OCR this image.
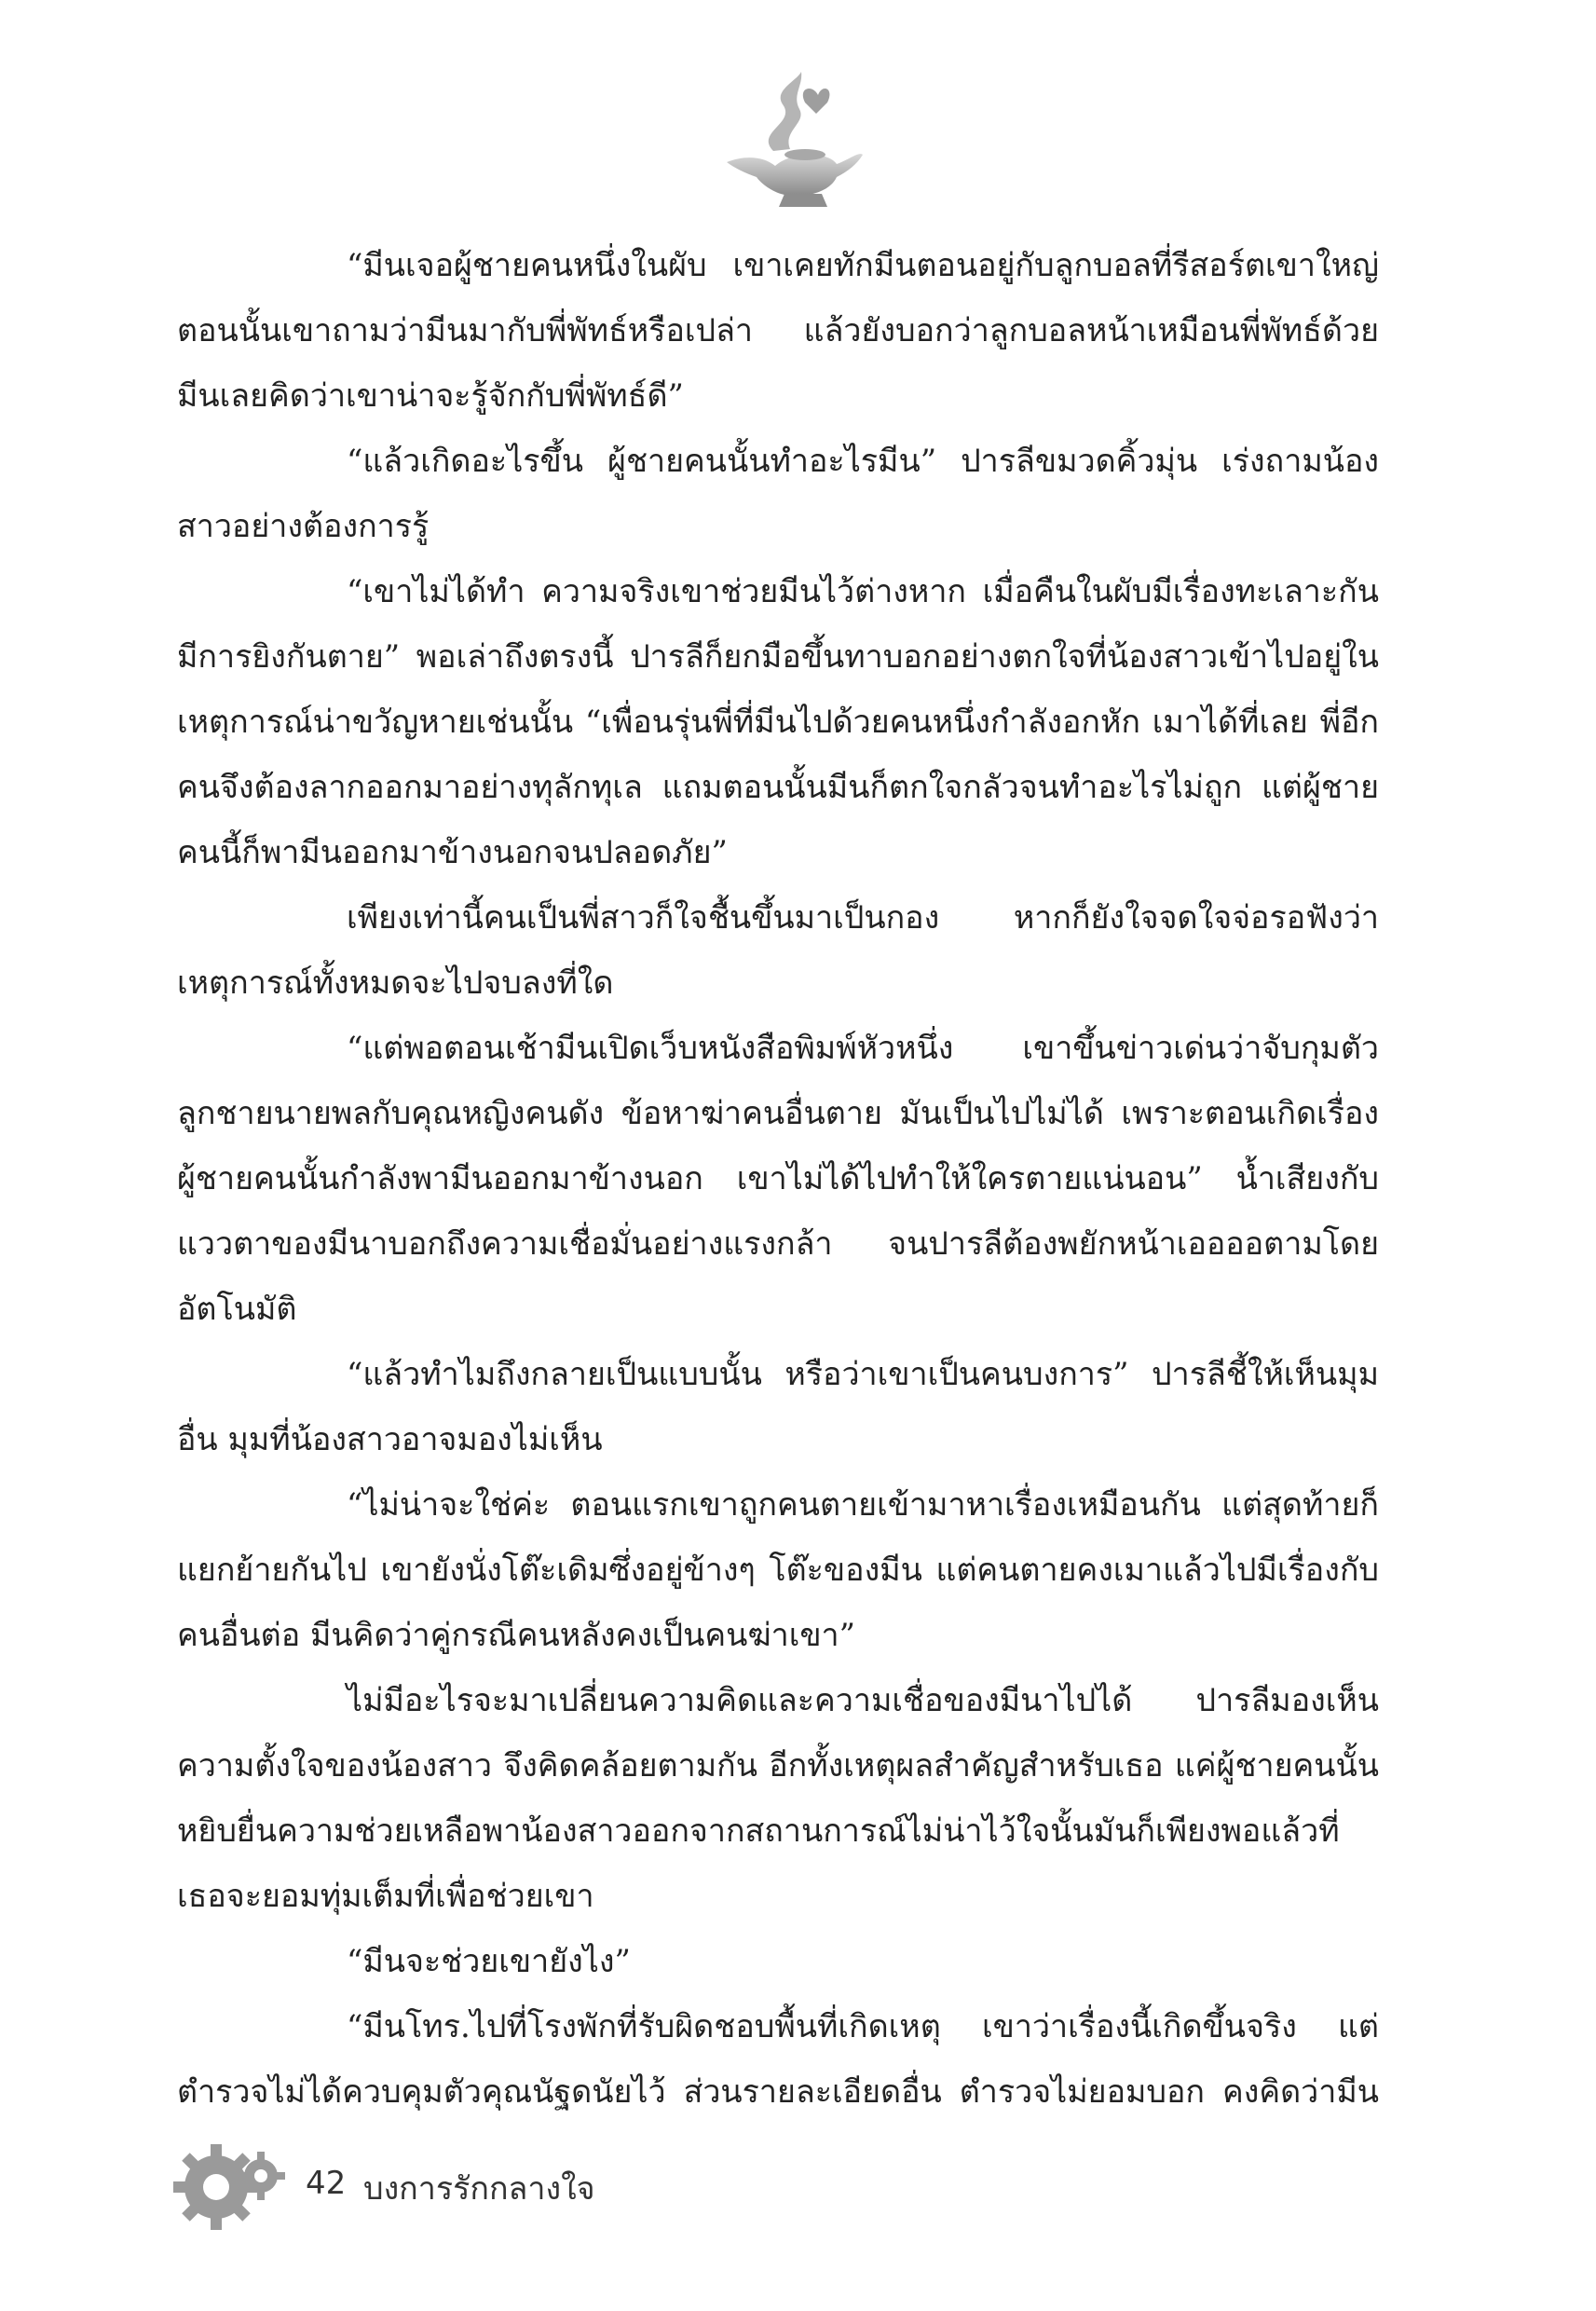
“มีนเจอผู้ชายคนหนึ่งในผับ เขาเคยทักมีนตอนอยู่กับลูกบอลที่รีสอร์ตเขาใหญ่ ตอนนั้นเขาถามว่ามีนมากับพี่พัทธ์หรือเปล่า แล้วยังบอกว่าลูกบอลหน้าเหมือนพี่พัทธ์ด้วย มีนเลยคิดว่าเขาน่าจะรู้จักกับพี่พัทธ์ดี”

“แล้วเกิดอะไรขึ้น ผู้ชายคนนั้นทำอะไรมีน” ปารลีขมวดคิ้วมุ่น เร่งถามน้องสาวอย่างต้องการรู้

“เขาไม่ได้ทำ ความจริงเขาช่วยมีนไว้ต่างหาก เมื่อคืนในผับมีเรื่องทะเลาะกัน มีการยิงกันตาย” พอเล่าถึงตรงนี้ ปารลีก็ยกมือขึ้นทาบอกอย่างตกใจที่น้องสาวเข้าไปอยู่ในเหตุการณ์น่าขวัญหายเช่นนั้น “เพื่อนรุ่นพี่ที่มีนไปด้วยคนหนึ่งกำลังอกหัก เมาได้ที่เลย พี่อีกคนจึงต้องลากออกมาอย่างทุลักทุเล แถมตอนนั้นมีนก็ตกใจกลัวจนทำอะไรไม่ถูก แต่ผู้ชายคนนี้ก็พามีนออกมาข้างนอกจนปลอดภัย”

เพียงเท่านี้คนเป็นพี่สาวก็ใจชื้นขึ้นมาเป็นกอง หากก็ยังใจจดใจจ่อรอฟังว่าเหตุการณ์ทั้งหมดจะไปจบลงที่ใด

“แต่พอตอนเช้ามีนเปิดเว็บหนังสือพิมพ์หัวหนึ่ง เขาขึ้นข่าวเด่นว่าจับกุมตัวลูกชายนายพลกับคุณหญิงคนดัง ข้อหาฆ่าคนอื่นตาย มันเป็นไปไม่ได้ เพราะตอนเกิดเรื่องผู้ชายคนนั้นกำลังพามีนออกมาข้างนอก เขาไม่ได้ไปทำให้ใครตายแน่นอน” น้ำเสียงกับแววตาของมีนาบอกถึงความเชื่อมั่นอย่างแรงกล้า จนปารลีต้องพยักหน้าเออออตามโดยอัตโนมัติ

“แล้วทำไมถึงกลายเป็นแบบนั้น หรือว่าเขาเป็นคนบงการ” ปารลีชี้ให้เห็นมุมอื่น มุมที่น้องสาวอาจมองไม่เห็น

“ไม่น่าจะใช่ค่ะ ตอนแรกเขาถูกคนตายเข้ามาหาเรื่องเหมือนกัน แต่สุดท้ายก็แยกย้ายกันไป เขายังนั่งโต๊ะเดิมซึ่งอยู่ข้างๆ โต๊ะของมีน แต่คนตายคงเมาแล้วไปมีเรื่องกับคนอื่นต่อ มีนคิดว่าคู่กรณีคนหลังคงเป็นคนฆ่าเขา”

ไม่มีอะไรจะมาเปลี่ยนความคิดและความเชื่อของมีนาไปได้ ปารลีมองเห็นความตั้งใจของน้องสาว จึงคิดคล้อยตามกัน อีกทั้งเหตุผลสำคัญสำหรับเธอ แค่ผู้ชายคนนั้นหยิบยื่นความช่วยเหลือพาน้องสาวออกจากสถานการณ์ไม่น่าไว้ใจนั้นมันก็เพียงพอแล้วที่เธอจะยอมทุ่มเต็มที่เพื่อช่วยเขา

“มีนจะช่วยเขายังไง”

“มีนโทร.ไปที่โรงพักที่รับผิดชอบพื้นที่เกิดเหตุ เขาว่าเรื่องนี้เกิดขึ้นจริง แต่ตำรวจไม่ได้ควบคุมตัวคุณนัฐดนัยไว้ ส่วนรายละเอียดอื่น ตำรวจไม่ยอมบอก คงคิดว่ามีน

42 บงการรักกลางใจ
